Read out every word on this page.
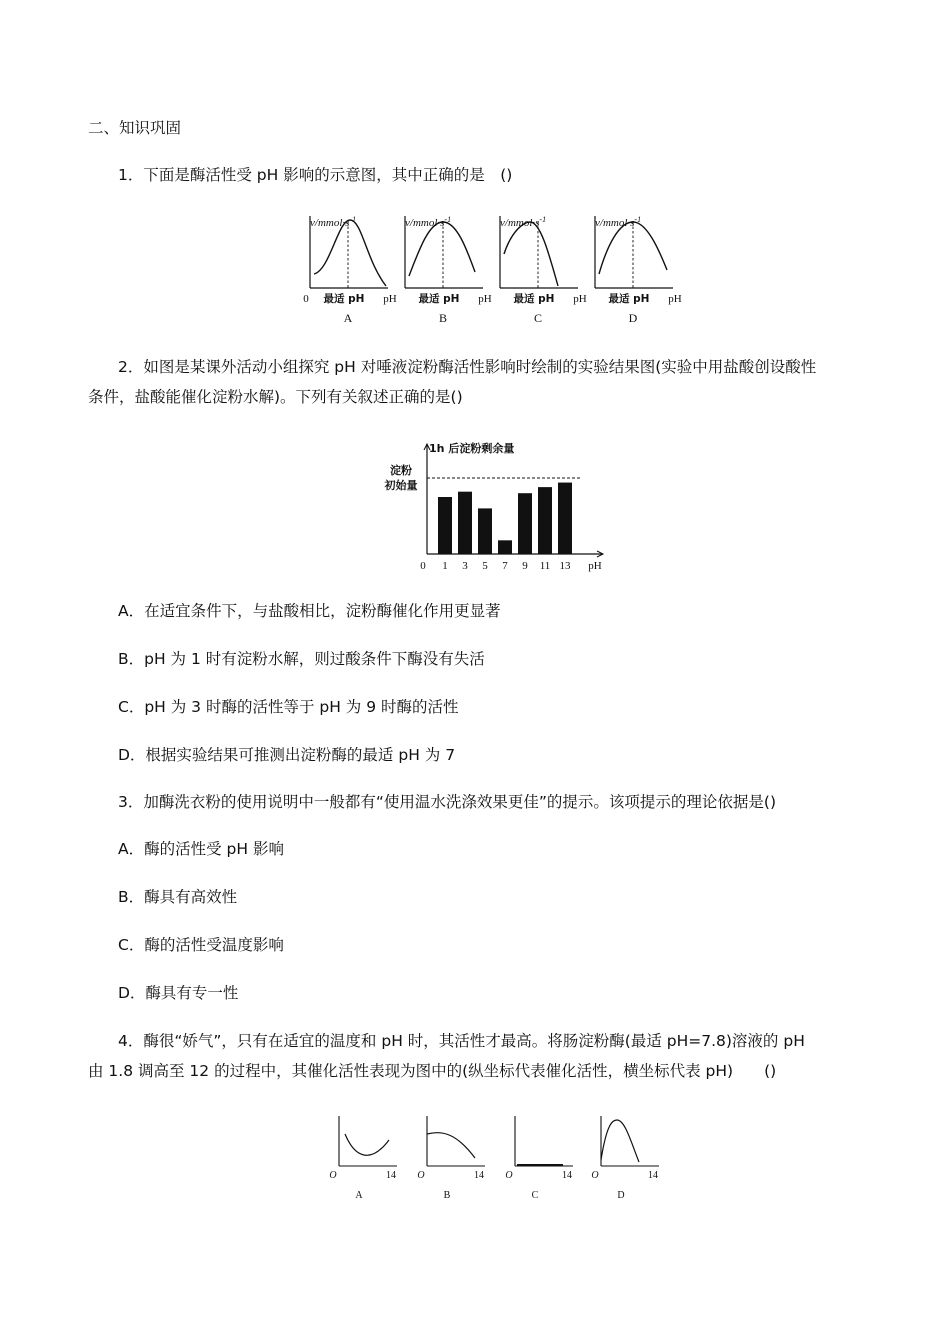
二、知识巩固
1．下面是酶活性受 pH 影响的示意图，其中正确的是　()
$v/mmol\cdot s^{-1}$
0 最适 pH pH
A
$v/mmol\cdot s^{-1}$
最适 pH pH
B
$v/mmol\cdot s^{-1}$
最适 pH pH
C
$v/mmol\cdot s^{-1}$
最适 pH pH
D
2．如图是某课外活动小组探究 pH 对唾液淀粉酶活性影响时绘制的实验结果图(实验中用盐酸创设酸性
条件，盐酸能催化淀粉水解)。下列有关叙述正确的是()
1h 后淀粉剩余量
淀粉
初始量
0 1 3 5 7 9 11 13 pH
A．在适宜条件下，与盐酸相比，淀粉酶催化作用更显著
B．pH 为 1 时有淀粉水解，则过酸条件下酶没有失活
C．pH 为 3 时酶的活性等于 pH 为 9 时酶的活性
D．根据实验结果可推测出淀粉酶的最适 pH 为 7
3．加酶洗衣粉的使用说明中一般都有“使用温水洗涤效果更佳”的提示。该项提示的理论依据是()
A．酶的活性受 pH 影响
B．酶具有高效性
C．酶的活性受温度影响
D．酶具有专一性
4．酶很“娇气”，只有在适宜的温度和 pH 时，其活性才最高。将肠淀粉酶(最适 pH=7.8)溶液的 pH
由 1.8 调高至 12 的过程中，其催化活性表现为图中的(纵坐标代表催化活性，横坐标代表 pH)　　()
O	14
A
O	14
B
O	14
C
O	14
D
